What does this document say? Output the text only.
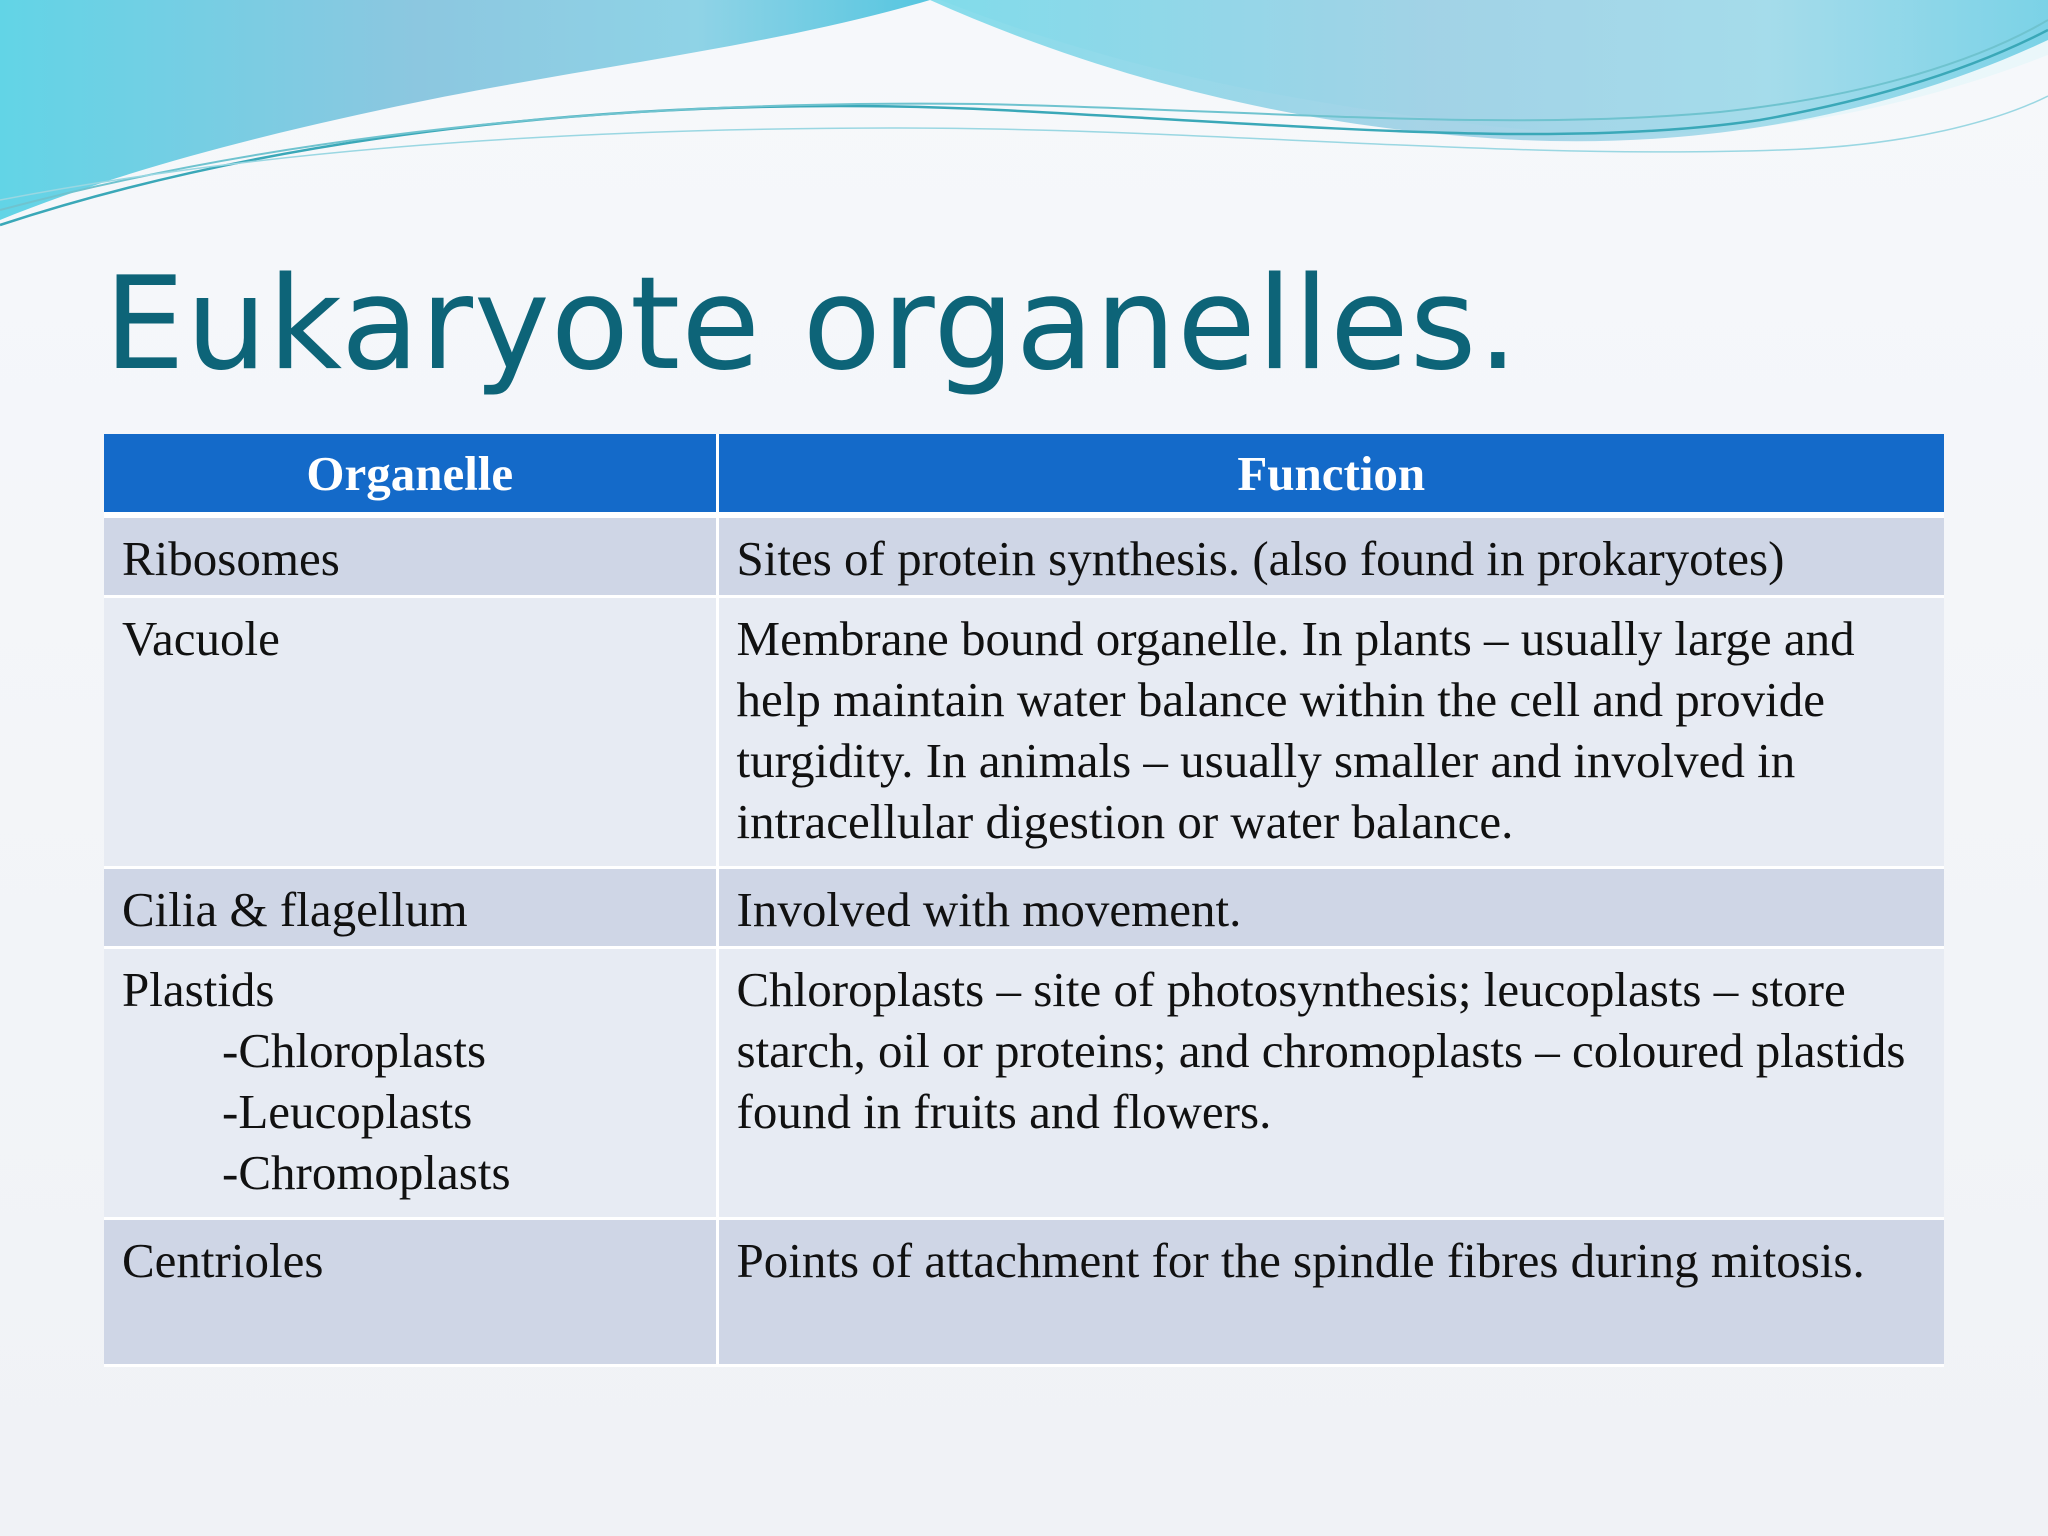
Eukaryote organelles.
Organelle	Function
Ribosomes	Sites of protein synthesis. (also found in prokaryotes)
Vacuole	Membrane bound organelle. In plants – usually large and help maintain water balance within the cell and provide turgidity. In animals – usually smaller and involved in intracellular digestion or water balance.
Cilia & flagellum	Involved with movement.
Plastids
-Chloroplasts
-Leucoplasts
-Chromoplasts	Chloroplasts – site of photosynthesis; leucoplasts – store starch, oil or proteins; and chromoplasts – coloured plastids found in fruits and flowers.
Centrioles	Points of attachment for the spindle fibres during mitosis.
